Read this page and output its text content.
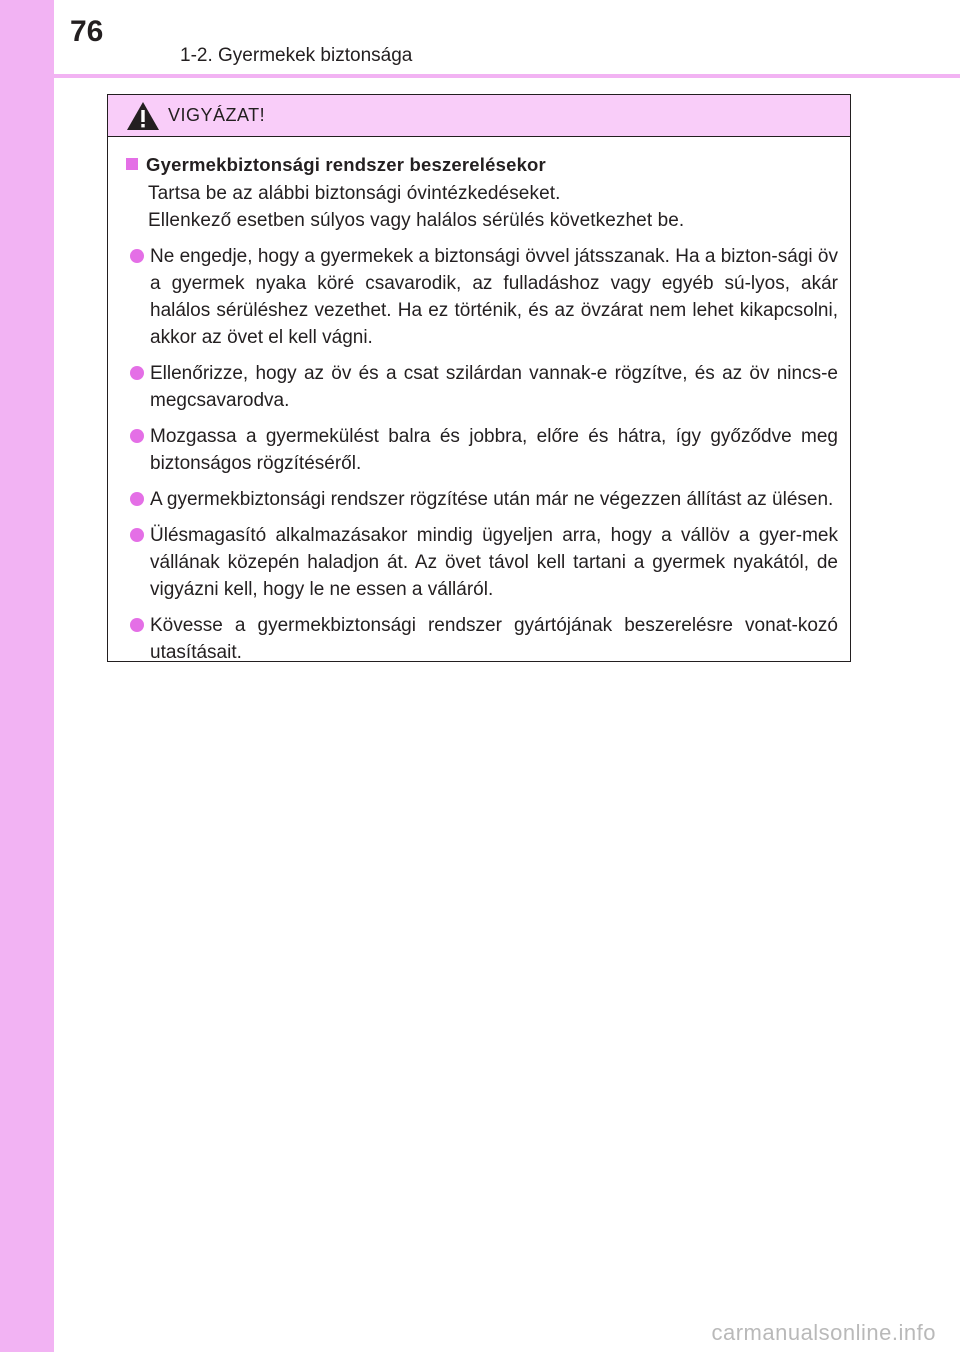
76
1-2. Gyermekek biztonsága
VIGYÁZAT!
Gyermekbiztonsági rendszer beszerelésekor
Tartsa be az alábbi biztonsági óvintézkedéseket.
Ellenkező esetben súlyos vagy halálos sérülés következhet be.
Ne engedje, hogy a gyermekek a biztonsági övvel játsszanak. Ha a bizton-sági öv a gyermek nyaka köré csavarodik, az fulladáshoz vagy egyéb sú-lyos, akár halálos sérüléshez vezethet. Ha ez történik, és az övzárat nem lehet kikapcsolni, akkor az övet el kell vágni.
Ellenőrizze, hogy az öv és a csat szilárdan vannak-e rögzítve, és az öv nincs-e megcsavarodva.
Mozgassa a gyermekülést balra és jobbra, előre és hátra, így győződve meg biztonságos rögzítéséről.
A gyermekbiztonsági rendszer rögzítése után már ne végezzen állítást az ülésen.
Ülésmagasító alkalmazásakor mindig ügyeljen arra, hogy a vállöv a gyer-mek vállának közepén haladjon át. Az övet távol kell tartani a gyermek nyakától, de vigyázni kell, hogy le ne essen a válláról.
Kövesse a gyermekbiztonsági rendszer gyártójának beszerelésre vonat-kozó utasításait.
carmanualsonline.info
